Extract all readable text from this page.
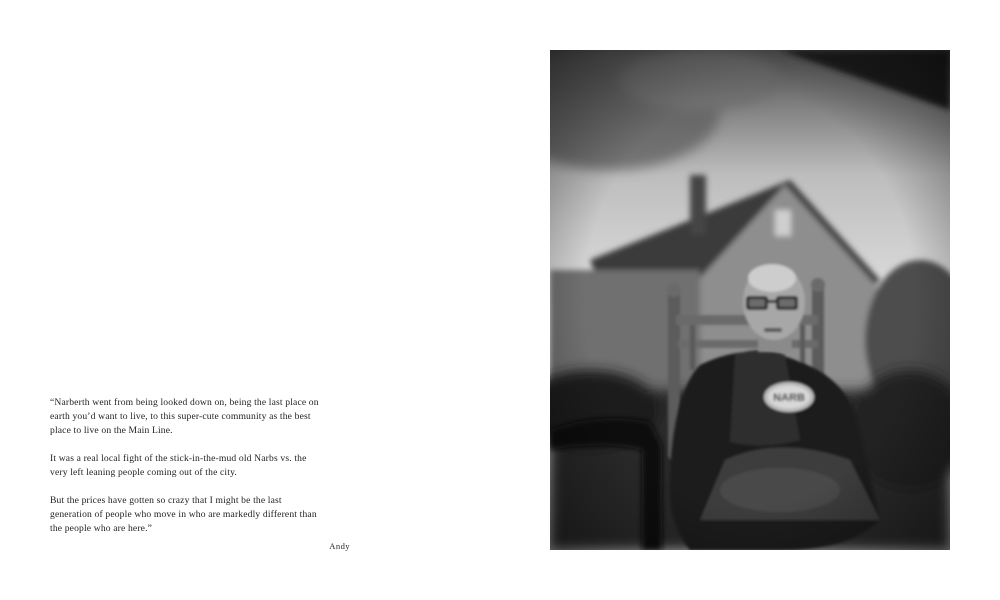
“Narberth went from being looked down on, being the last place on
earth you’d want to live, to this super-cute community as the best
place to live on the Main Line.

It was a real local fight of the stick-in-the-mud old Narbs vs. the
very left leaning people coming out of the city.

But the prices have gotten so crazy that I might be the last
generation of people who move in who are markedly different than
the people who are here.”

Andy
